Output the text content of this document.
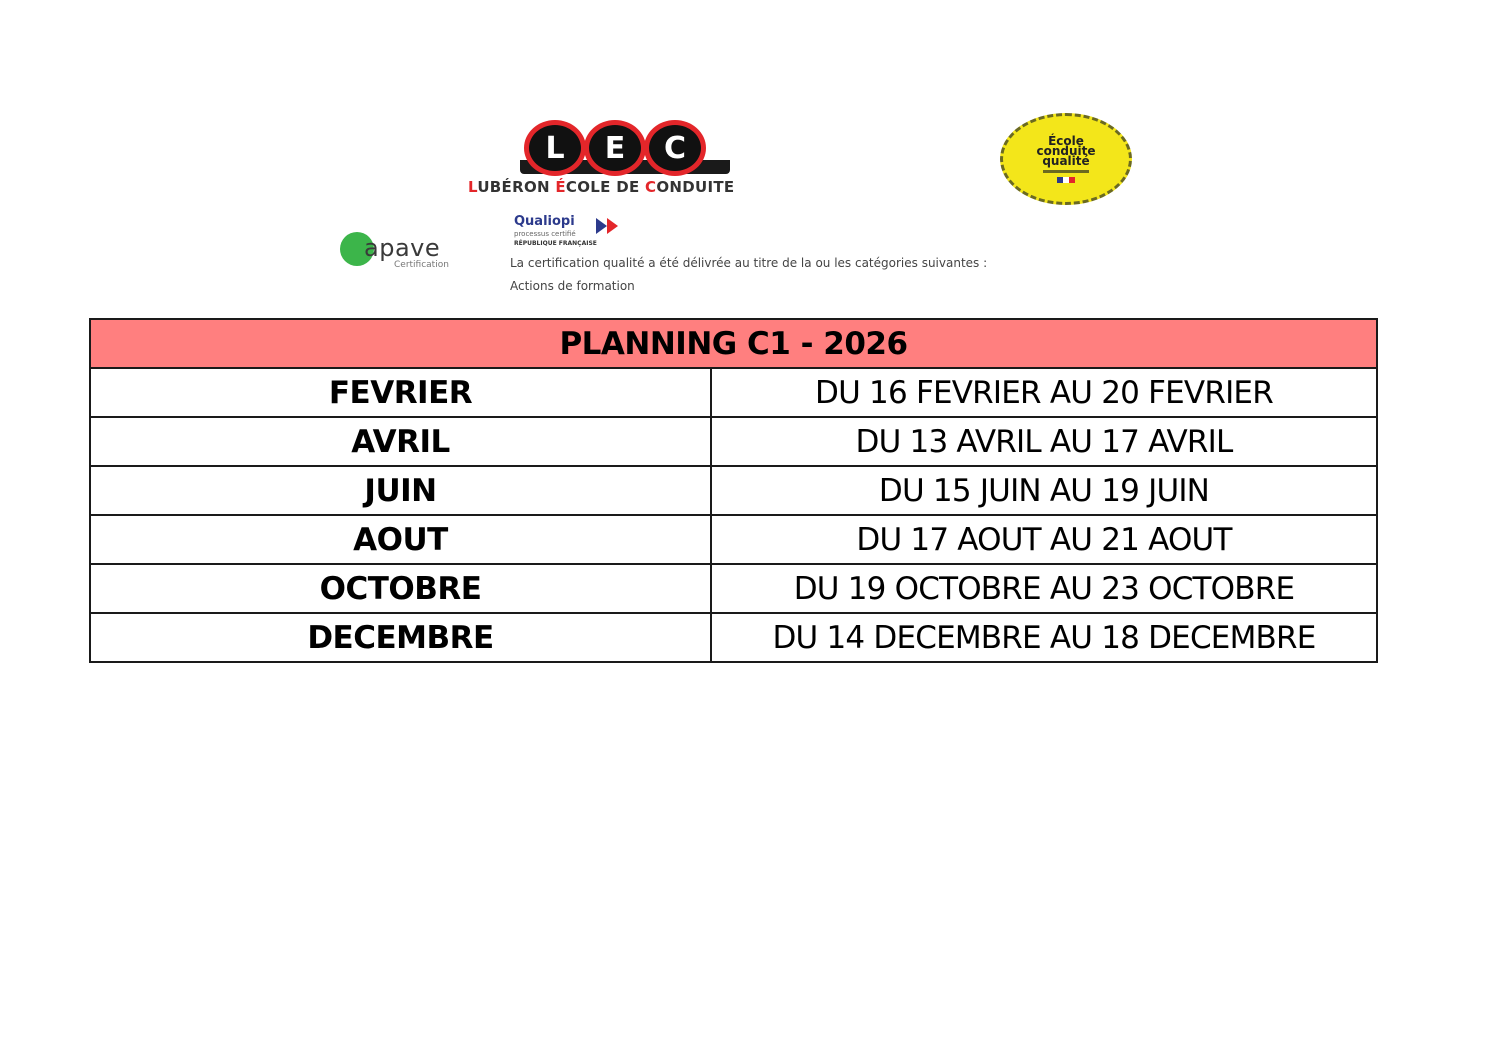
L	E	C
LUBÉRON ÉCOLE DE CONDUITE
École
conduite
qualité
apave
Certification
Qualiopi
processus certifié
RÉPUBLIQUE FRANÇAISE
La certification qualité a été délivrée au titre de la ou les catégories suivantes :
Actions de formation
PLANNING C1 - 2026	
FEVRIER	DU 16 FEVRIER AU 20 FEVRIER
AVRIL	DU 13 AVRIL AU 17 AVRIL
JUIN	DU 15 JUIN AU 19 JUIN
AOUT	DU 17 AOUT AU 21 AOUT
OCTOBRE	DU 19 OCTOBRE AU 23 OCTOBRE
DECEMBRE	DU 14 DECEMBRE AU 18 DECEMBRE
